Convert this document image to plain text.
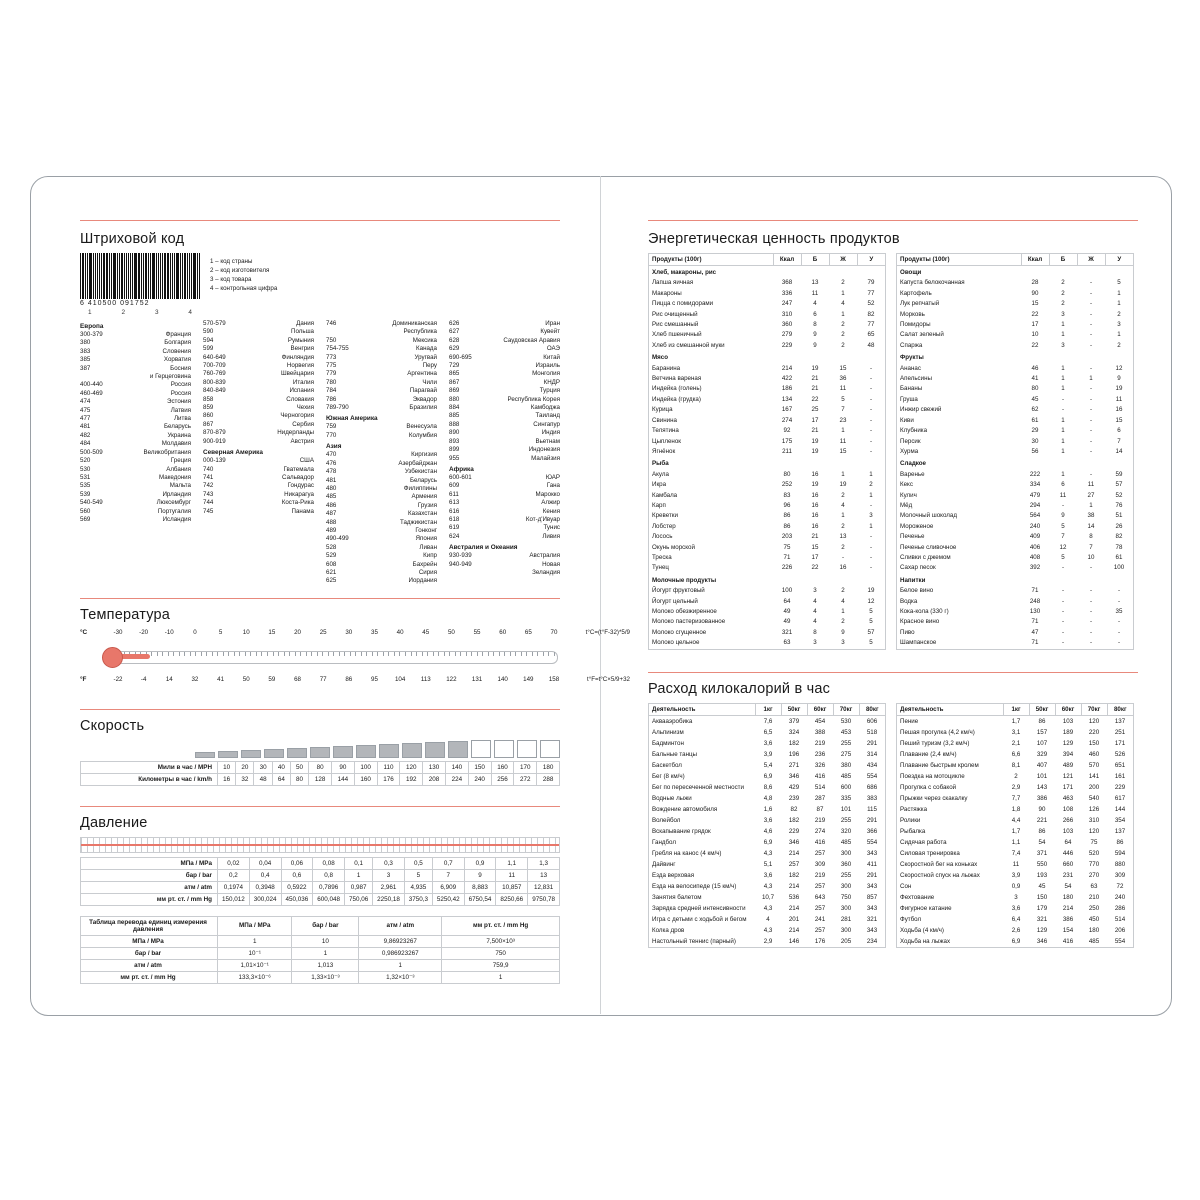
Штриховой код
6 410500 091752
1	2	3	4
1 – код страны
2 – код изготовителя
3 – код товара
4 – контрольная цифра
Европа
300-379	Франция
380	Болгария
383	Словения
385	Хорватия
387	Босния
и Герцеговина
400-440	Россия
460-469	Россия
474	Эстония
475	Латвия
477	Литва
481	Беларусь
482	Украина
484	Молдавия
500-509	Великобритания
520	Греция
530	Албания
531	Македония
535	Мальта
539	Ирландия
540-549	Люксембург
560	Португалия
569	Исландия
570-579	Дания
590	Польша
594	Румыния
599	Венгрия
640-649	Финляндия
700-709	Норвегия
760-769	Швейцария
800-839	Италия
840-849	Испания
858	Словакия
859	Чехия
860	Черногория
867	Сербия
870-879	Нидерланды
900-919	Австрия
Северная Америка
000-139	США
740	Гватемала
741	Сальвадор
742	Гондурас
743	Никарагуа
744	Коста-Рика
745	Панама
746	Доминиканская
Республика
750	Мексика
754-755	Канада
773	Уругвай
775	Перу
779	Аргентина
780	Чили
784	Парагвай
786	Эквадор
789-790	Бразилия
Южная Америка
759	Венесуэла
770	Колумбия
Азия
470	Киргизия
476	Азербайджан
478	Узбекистан
481	Беларусь
480	Филиппины
485	Армения
486	Грузия
487	Казахстан
488	Таджикистан
489	Гонконг
490-499	Япония
528	Ливан
529	Кипр
608	Бахрейн
621	Сирия
625	Иордания
626	Иран
627	Кувейт
628	Саудовская Аравия
629	ОАЭ
690-695	Китай
729	Израиль
865	Монголия
867	КНДР
869	Турция
880	Республика Корея
884	Камбоджа
885	Таиланд
888	Сингапур
890	Индия
893	Вьетнам
899	Индонезия
955	Малайзия
Африка
600-601	ЮАР
609	Гана
611	Марокко
613	Алжир
616	Кения
618	Кот-д'Ивуар
619	Тунис
624	Ливия
Австралия и Океания
930-939	Австралия
940-949	Новая
Зеландия
Температура
°C	t°C=(t°F-32)*5/9
-30	-20	-10	0	5	10	15	20	25	30	35	40	45	50	55	60	65	70
°F	t°F=t°C×5/9+32
-22	-4	14	32	41	50	59	68	77	86	95	104	113	122 131 140 149 158
Скорость
Мили в час / MPH	10	20	30	40	50	80	90	100	110	120	130	140	150	160	170	180
Километры в час / km/h	16	32	48	64	80	128	144	160	176	192	208	224	240	256	272	288
Давление
МПа / MPa	0,02	0,04	0,06	0,08	0,1	0,3	0,5	0,7	0,9	1,1	1,3
бар / bar	0,2	0,4	0,6	0,8	1	3	5	7	9	11	13
атм / atm	0,1974	0,3948	0,5922	0,7896	0,987	2,961	4,935	6,909	8,883	10,857	12,831
мм рт. ст. / mm Hg	150,012	300,024	450,036	600,048	750,06	2250,18	3750,3	5250,42	6750,54	8250,66	9750,78
Таблица перевода единиц измерения давления	МПа / MPa	бар / bar	атм / atm	мм рт. ст. / mm Hg
МПа / MPa	1	10	9,86923267	7,500×10³
бар / bar	10⁻¹	1	0,986923267	750
атм / atm	1,01×10⁻¹	1,013	1	759,9
мм рт. ст. / mm Hg	133,3×10⁻⁶	1,33×10⁻³	1,32×10⁻³	1
Энергетическая ценность продуктов
Продукты (100г)	Ккал	Б	Ж	У
Хлеб, макароны, рис				
Лапша яичная	368	13	2	79
Макароны	336	11	1	77
Пицца с помидорами	247	4	4	52
Рис очищенный	310	6	1	82
Рис смешанный	360	8	2	77
Хлеб пшеничный	279	9	2	65
Хлеб из смешанной муки	229	9	2	48
Мясо				
Баранина	214	19	15	-
Ветчина вареная	422	21	36	-
Индейка (голень)	186	21	11	-
Индейка (грудка)	134	22	5	-
Курица	167	25	7	-
Свинина	274	17	23	-
Телятина	92	21	1	-
Цыпленок	175	19	11	-
Ягнёнок	211	19	15	-
Рыба				
Акула	80	16	1	1
Икра	252	19	19	2
Камбала	83	16	2	1
Карп	96	16	4	-
Креветки	86	16	1	3
Лобстер	86	16	2	1
Лосось	203	21	13	-
Окунь морской	75	15	2	-
Треска	71	17	-	-
Тунец	226	22	16	-
Молочные продукты				
Йогурт фруктовый	100	3	2	19
Йогурт цельный	64	4	4	12
Молоко обезжиренное	49	4	1	5
Молоко пастеризованное	49	4	2	5
Молоко сгущенное	321	8	9	57
Молоко цельное	63	3	3	5
Продукты (100г)	Ккал	Б	Ж	У
Овощи				
Капуста белокочанная	28	2	-	5
Картофель	90	2	-	1
Лук репчатый	15	2	-	1
Морковь	22	3	-	2
Помидоры	17	1	-	3
Салат зеленый	10	1	-	1
Спаржа	22	3	-	2
Фрукты				
Ананас	46	1	-	12
Апельсины	41	1	1	9
Бананы	80	1	-	19
Груша	45	-	-	11
Инжир свежий	62	-	-	16
Киви	61	1	-	15
Клубника	29	1	-	6
Персик	30	1	-	7
Хурма	56	1	-	14
Сладкое				
Варенье	222	1	-	59
Кекс	334	6	11	57
Кулич	479	11	27	52
Мёд	294	-	1	76
Молочный шоколад	564	9	38	51
Мороженое	240	5	14	26
Печенье	409	7	8	82
Печенье сливочное	406	12	7	78
Сливки с джемом	408	5	10	61
Сахар песок	392	-	-	100
Напитки				
Белое вино	71	-	-	-
Водка	248	-	-	-
Кока-кола (330 г)	130	-	-	35
Красное вино	71	-	-	-
Пиво	47	-	-	-
Шампанское	71	-	-	-
Расход килокалорий в час
Деятельность	1кг	50кг	60кг	70кг	80кг
Аквааэробика	7,6	379	454	530	606
Альпинизм	6,5	324	388	453	518
Бадминтон	3,6	182	219	255	291
Бальные танцы	3,9	196	236	275	314
Баскетбол	5,4	271	326	380	434
Бег (8 км/ч)	6,9	346	416	485	554
Бег по пересеченной местности	8,6	429	514	600	686
Водные лыжи	4,8	239	287	335	383
Вождение автомобиля	1,6	82	87	101	115
Волейбол	3,6	182	219	255	291
Вскапывание грядок	4,6	229	274	320	366
Гандбол	6,9	346	416	485	554
Гребля на канос (4 км/ч)	4,3	214	257	300	343
Дайвинг	5,1	257	309	360	411
Езда верховая	3,6	182	219	255	291
Езда на велосипеде (15 км/ч)	4,3	214	257	300	343
Занятия балетом	10,7	536	643	750	857
Зарядка средней интенсивности	4,3	214	257	300	343
Игра с детьми с ходьбой и бегом	4	201	241	281	321
Колка дров	4,3	214	257	300	343
Настольный теннис (парный)	2,9	146	176	205	234
Деятельность	1кг	50кг	60кг	70кг	80кг
Пение	1,7	86	103	120	137
Пешая прогулка (4,2 км/ч)	3,1	157	189	220	251
Пеший туризм (3,2 км/ч)	2,1	107	129	150	171
Плавание (2,4 км/ч)	6,6	329	394	460	526
Плавание быстрым кролем	8,1	407	489	570	651
Поездка на мотоцикле	2	101	121	141	161
Прогулка с собакой	2,9	143	171	200	229
Прыжки через скакалку	7,7	386	463	540	617
Растяжка	1,8	90	108	126	144
Ролики	4,4	221	266	310	354
Рыбалка	1,7	86	103	120	137
Сидячая работа	1,1	54	64	75	86
Силовая тренировка	7,4	371	446	520	594
Скоростной бег на коньках	11	550	660	770	880
Скоростной спуск на лыжах	3,9	193	231	270	309
Сон	0,9	45	54	63	72
Фехтование	3	150	180	210	240
Фигурное катание	3,6	179	214	250	286
Футбол	6,4	321	386	450	514
Ходьба (4 км/ч)	2,6	129	154	180	206
Ходьба на лыжах	6,9	346	416	485	554
